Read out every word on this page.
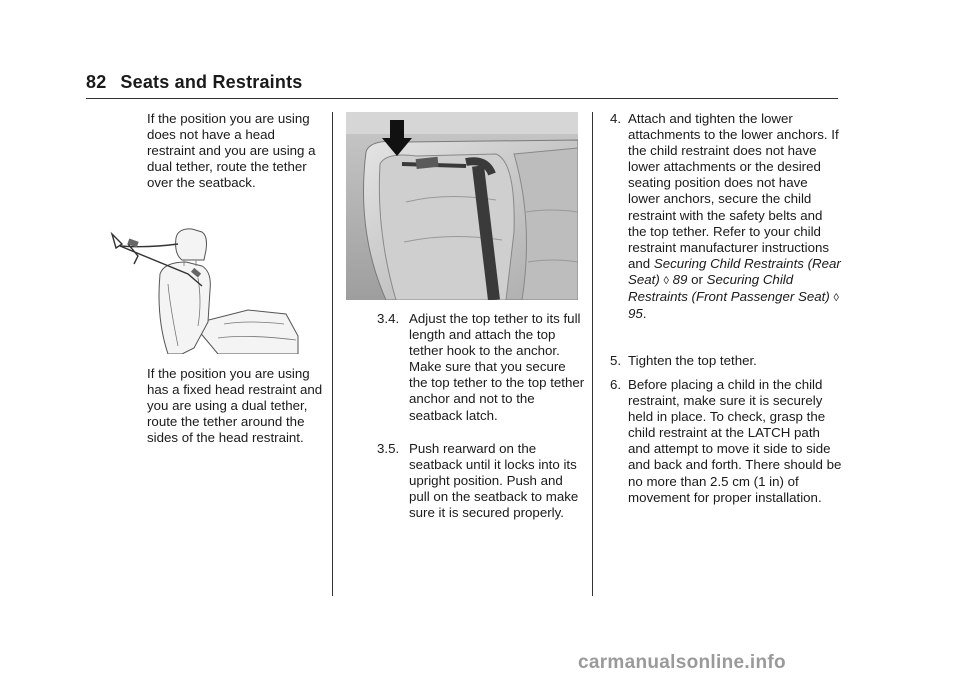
82 Seats and Restraints

If the position you are using does not have a head restraint and you are using a dual tether, route the tether over the seatback.

If the position you are using has a fixed head restraint and you are using a dual tether, route the tether around the sides of the head restraint.

3.4. Adjust the top tether to its full length and attach the top tether hook to the anchor. Make sure that you secure the top tether to the top tether anchor and not to the seatback latch.
3.5. Push rearward on the seatback until it locks into its upright position. Push and pull on the seatback to make sure it is secured properly.
4. Attach and tighten the lower attachments to the lower anchors. If the child restraint does not have lower attachments or the desired seating position does not have lower anchors, secure the child restraint with the safety belts and the top tether. Refer to your child restraint manufacturer instructions and Securing Child Restraints (Rear Seat) ◊ 89 or Securing Child Restraints (Front Passenger Seat) ◊ 95.
5. Tighten the top tether.
6. Before placing a child in the child restraint, make sure it is securely held in place. To check, grasp the child restraint at the LATCH path and attempt to move it side to side and back and forth. There should be no more than 2.5 cm (1 in) of movement for proper installation.
carmanualsonline.info
